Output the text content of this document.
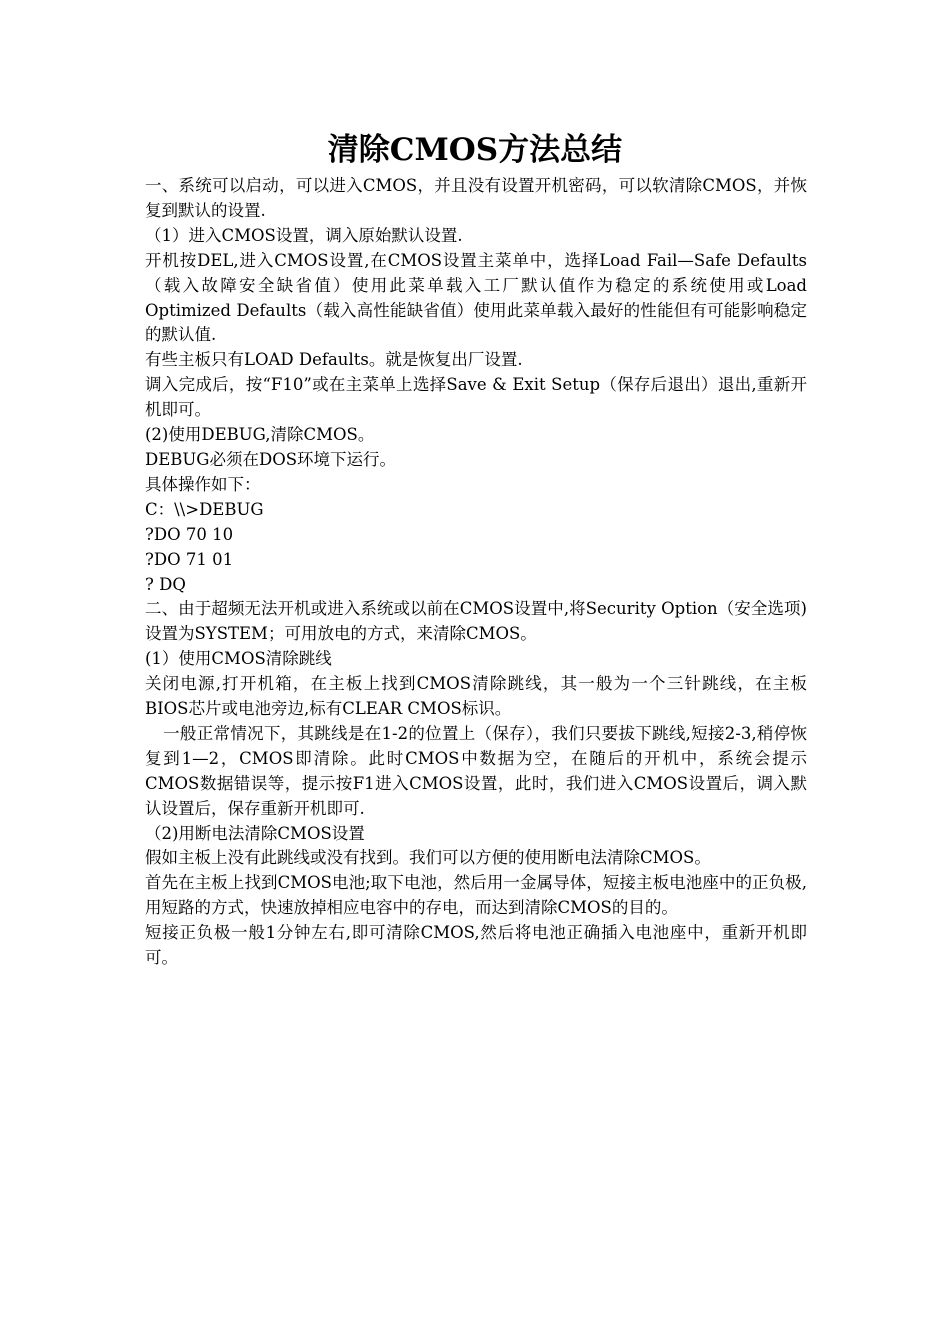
清除CMOS方法总结

一、系统可以启动，可以进入CMOS，并且没有设置开机密码，可以软清除CMOS，并恢复到默认的设置.

（1）进入CMOS设置，调入原始默认设置.

开机按DEL,进入CMOS设置,在CMOS设置主菜单中，选择Load Fail—Safe Defaults（载入故障安全缺省值）使用此菜单载入工厂默认值作为稳定的系统使用或Load Optimized Defaults（载入高性能缺省值）使用此菜单载入最好的性能但有可能影响稳定的默认值.

有些主板只有LOAD Defaults。就是恢复出厂设置.

调入完成后，按“F10”或在主菜单上选择Save & Exit Setup（保存后退出）退出,重新开机即可。

(2)使用DEBUG,清除CMOS。

DEBUG必须在DOS环境下运行。

具体操作如下：

C：\\>DEBUG

?DO 70 10

?DO 71 01

? DQ

二、由于超频无法开机或进入系统或以前在CMOS设置中,将Security Option（安全选项)设置为SYSTEM；可用放电的方式，来清除CMOS。

(1）使用CMOS清除跳线

关闭电源,打开机箱，在主板上找到CMOS清除跳线，其一般为一个三针跳线，在主板BIOS芯片或电池旁边,标有CLEAR CMOS标识。

一般正常情况下，其跳线是在1-2的位置上（保存），我们只要拔下跳线,短接2-3,稍停恢复到1—2，CMOS即清除。此时CMOS中数据为空，在随后的开机中，系统会提示CMOS数据错误等，提示按F1进入CMOS设置，此时，我们进入CMOS设置后，调入默认设置后，保存重新开机即可.

（2)用断电法清除CMOS设置

假如主板上没有此跳线或没有找到。我们可以方便的使用断电法清除CMOS。

首先在主板上找到CMOS电池;取下电池，然后用一金属导体，短接主板电池座中的正负极,用短路的方式，快速放掉相应电容中的存电，而达到清除CMOS的目的。

短接正负极一般1分钟左右,即可清除CMOS,然后将电池正确插入电池座中，重新开机即可。
